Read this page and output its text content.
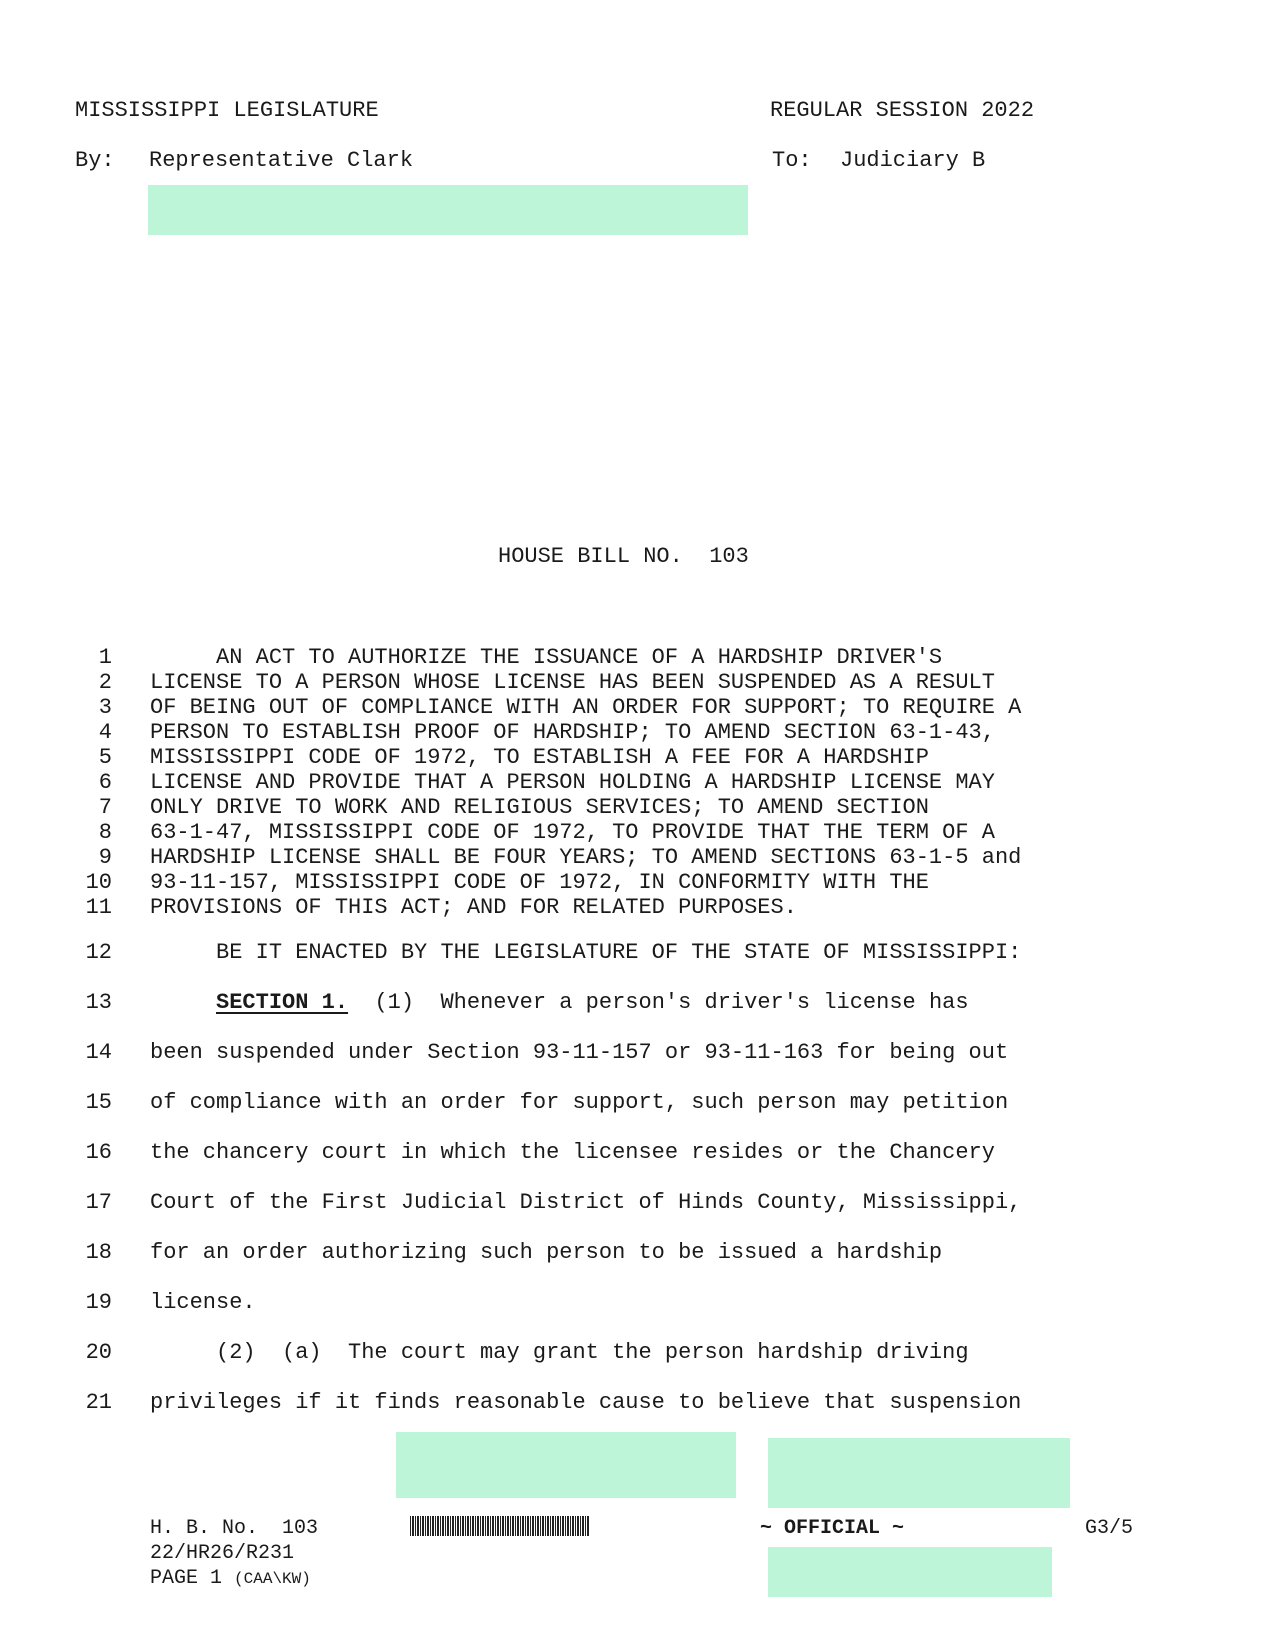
MISSISSIPPI LEGISLATURE	REGULAR SESSION 2022
By: Representative Clark	To: Judiciary B
HOUSE BILL NO.  103
1 AN ACT TO AUTHORIZE THE ISSUANCE OF A HARDSHIP DRIVER'S
2 LICENSE TO A PERSON WHOSE LICENSE HAS BEEN SUSPENDED AS A RESULT
3 OF BEING OUT OF COMPLIANCE WITH AN ORDER FOR SUPPORT; TO REQUIRE A
4 PERSON TO ESTABLISH PROOF OF HARDSHIP; TO AMEND SECTION 63-1-43,
5 MISSISSIPPI CODE OF 1972, TO ESTABLISH A FEE FOR A HARDSHIP
6 LICENSE AND PROVIDE THAT A PERSON HOLDING A HARDSHIP LICENSE MAY
7 ONLY DRIVE TO WORK AND RELIGIOUS SERVICES; TO AMEND SECTION
8 63-1-47, MISSISSIPPI CODE OF 1972, TO PROVIDE THAT THE TERM OF A
9 HARDSHIP LICENSE SHALL BE FOUR YEARS; TO AMEND SECTIONS 63-1-5 and
10 93-11-157, MISSISSIPPI CODE OF 1972, IN CONFORMITY WITH THE
11 PROVISIONS OF THIS ACT; AND FOR RELATED PURPOSES.
12 BE IT ENACTED BY THE LEGISLATURE OF THE STATE OF MISSISSIPPI:
13	SECTION 1.  (1)  Whenever a person's driver's license has
14 been suspended under Section 93-11-157 or 93-11-163 for being out
15 of compliance with an order for support, such person may petition
16 the chancery court in which the licensee resides or the Chancery
17 Court of the First Judicial District of Hinds County, Mississippi,
18 for an order authorizing such person to be issued a hardship
19 license.
20 (2)  (a)  The court may grant the person hardship driving
21 privileges if it finds reasonable cause to believe that suspension
H. B. No.  103	~ OFFICIAL ~	G3/5
22/HR26/R231
PAGE 1 (CAA\KW)
